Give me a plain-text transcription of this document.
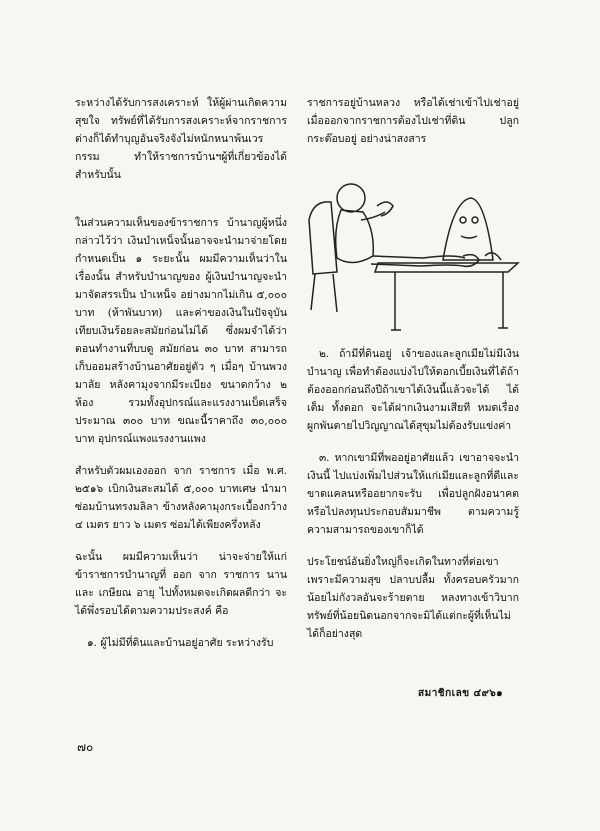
ระหว่างได้รับการสงเคราะห์ ให้ผู้ผ่านเกิดความสุขใจ ทรัพย์ที่ได้รับการสงเคราะห์จากราชการ ต่างก็ได้ทำบุญอันจริงจังไม่หนักหนาพ้นเวรกรรม ทำให้ราชการบ้านฯผู้ที่เกี่ยวข้องได้สำหรับนั้น

ในส่วนความเห็นของข้าราชการ บ้านาญผู้หนึ่งกล่าวไว้ว่า เงินบำเหน็จนั้นอาจจะนำมาจ่ายโดยกำหนดเป็น ๑ ระยะนั้น ผมมีความเห็นว่าในเรื่องนั้น สำหรับบำนาญของ ผู้เงินบำนาญจะนำมาจัดสรรเป็น บำเหน็จ อย่างมากไม่เกิน ๕,๐๐๐ บาท (ห้าพันบาท) และค่าของเงินในปัจจุบันเทียบเงินร้อยละสมัยก่อนไม่ได้ ซึ่งผมจำได้ว่าตอนทำงานที่บบดู สมัยก่อน ๓๐ บาท สามารถเก็บออมสร้างบ้านอาศัยอยู่ตัว ๆ เมื่อๆ บ้านพวงมาลัย หลังคามุงจากมีระเบียง ขนาดกว้าง ๒ ห้อง รวมทั้งอุปกรณ์และแรงงานเบ็ดเสร็จประมาณ ๓๐๐ บาท ขณะนี้ราคาถึง ๓๐,๐๐๐ บาท อุปกรณ์แพงแรงงานแพง

สำหรับตัวผมเองออก จาก ราชการ เมื่อ พ.ศ. ๒๕๑๖ เบิกเงินสะสมได้ ๕,๐๐๐ บาทเศษ นำมาซ่อมบ้านทรงมลิลา ข้างหลังคามุงกระเบื้องกว้าง ๔ เมตร ยาว ๖ เมตร ซ่อมได้เพียงครึ่งหลัง

ฉะนั้น ผมมีความเห็นว่า น่าจะจ่ายให้แก่ข้าราชการบำนาญที่ ออก จาก ราชการ นาน และ เกษียณ อายุ ไปทั้งหมดจะเกิดผลดีกว่า จะได้พึ่งรอบได้ตามความประสงค์ คือ

๑. ผู้ไม่มีที่ดินและบ้านอยู่อาศัย ระหว่างรับ

ราชการอยู่บ้านหลวง หรือได้เช่าเข้าไปเช่าอยู่ เมื่อออกจากราชการต้องไปเช่าที่ดิน ปลูก กระต๊อบอยู่ อย่างน่าสงสาร

๒. ถ้ามีที่ดินอยู่ เจ้าของและลูกเมียไม่มีเงินบำนาญ เพื่อทำต้องแบ่งไปให้ดอกเบี้ยเงินที่ได้ถ้าต้องออกก่อนถึงปีถ้าเขาได้เงินนี้แล้วจะได้ ได้เต็ม ทั้งดอก จะได้ฝากเงินงามเสียที หมดเรื่องผูกพันตายไปวิญญาณได้สุขุมไม่ต้องรับแข่งค่า

๓. หากเขามีที่พออยู่อาศัยแล้ว เขาอาจจะนำเงินนี้ ไปแบ่งเพิ่มไปส่วนให้แก่เมียและลูกที่ดีและขาดแคลนหรืออยากจะรับ เพื่อปลูกฝังอนาคตหรือไปลงทุนประกอบสัมมาชีพ ตามความรู้ความสามารถของเขาก็ได้

ประโยชน์อันยิ่งใหญ่ก็จะเกิดในทางที่ต่อเขาเพราะมีความสุข ปลาบปลื้ม ทั้งครอบครัวมากน้อยไม่กังวลอันจะร้ายตาย หลงทางเข้าวิบากทรัพย์ที่น้อยนิดนอกจากจะมิได้แต่กะผู้ที่เห็นไม่ได้ก็อย่างสุด

สมาชิกเลข ๔๙๖๑
๗๐
